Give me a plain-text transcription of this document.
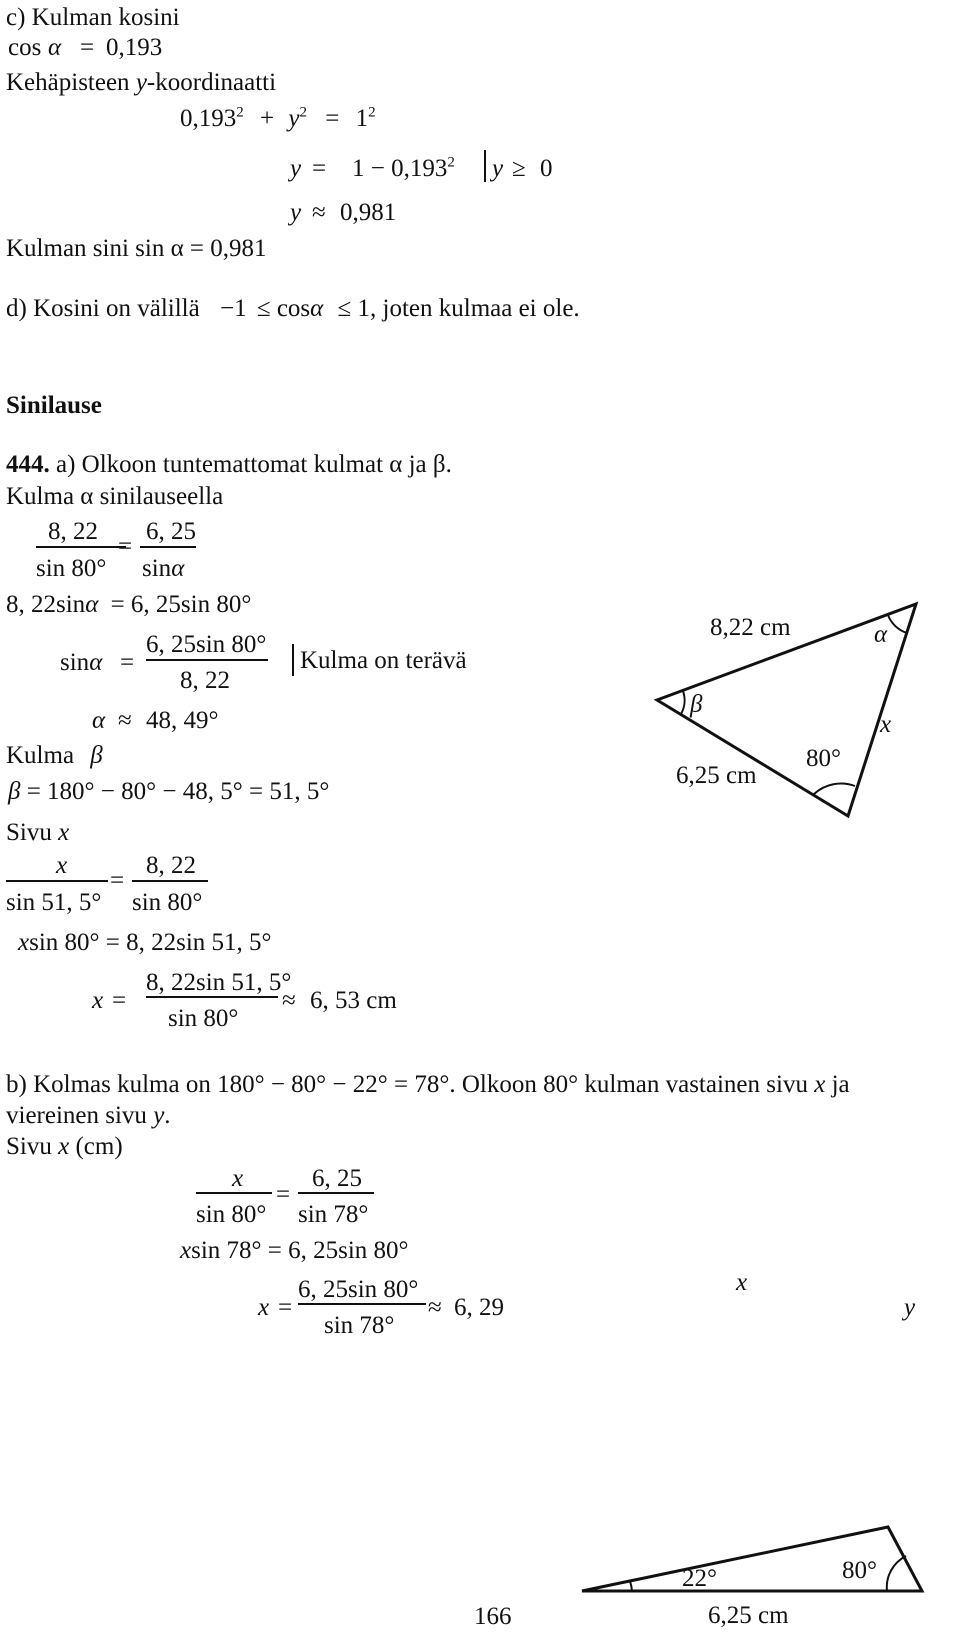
c) Kulman kosini
cos α = 0,193
Kehäpisteen y-koordinaatti
$0,193^2 + y^2 = 1^2$
$y = 1 - 0,193^2$ y ≥ 0
y ≈ 0,981
Kulman sini sin α = 0,981
d) Kosini on välillä −1 ≤ cosα ≤ 1, joten kulmaa ei ole.
Sinilause
444. a) Olkoon tuntemattomat kulmat α ja β.
Kulma α sinilauseella
8, 22
sin 80°
=
6, 25
sinα
8, 22sinα = 6, 25sin 80°
sinα =
6, 25sin 80°
8, 22
Kulma on terävä
α ≈ 48, 49°
Kulma β
β = 180° − 80° − 48, 5° = 51, 5°
Sivu x
x
sin 51, 5°
=
8, 22
sin 80°
xsin 80° = 8, 22sin 51, 5°
x =
8, 22sin 51, 5°
sin 80°
≈ 6, 53 cm
8,22 cm
6,25 cm
α
β
x
80°
b) Kolmas kulma on 180° − 80° − 22° = 78°. Olkoon 80° kulman vastainen sivu x ja
viereinen sivu y.
Sivu x (cm)
x
sin 80°
=
6, 25
sin 78°
xsin 78° = 6, 25sin 80°
x =
6, 25sin 80°
sin 78°
≈ 6, 29
x
y
22°	80°
6,25 cm
166
